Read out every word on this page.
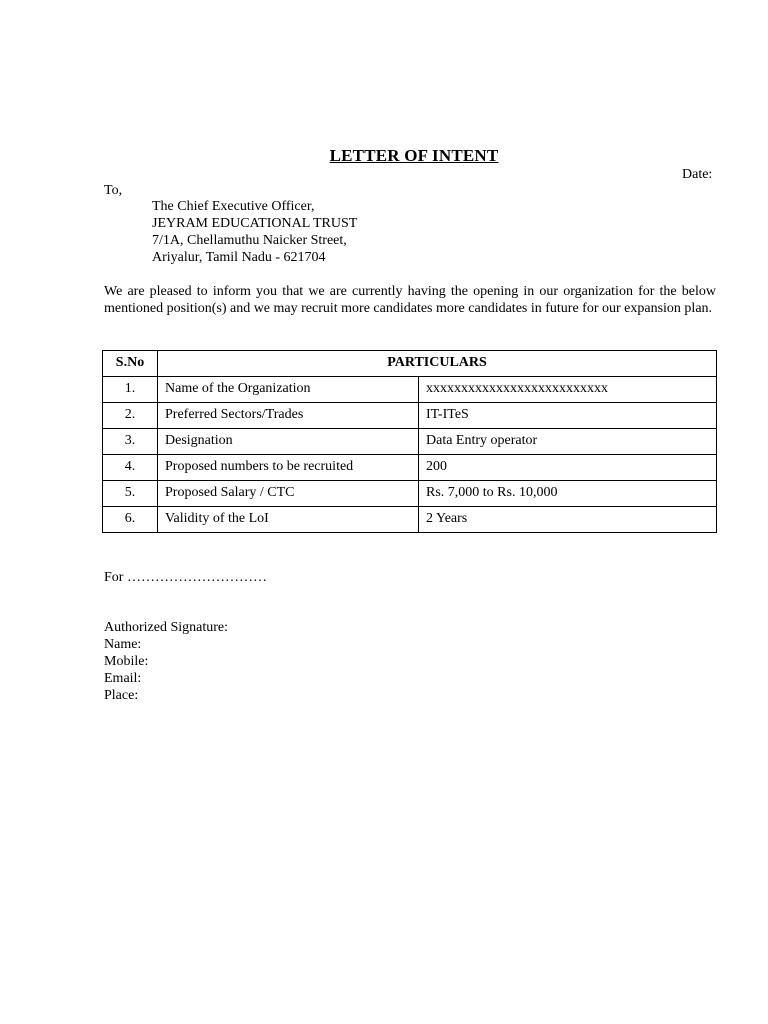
LETTER OF INTENT
Date:
To,
The Chief Executive Officer,
JEYRAM EDUCATIONAL TRUST
7/1A, Chellamuthu Naicker Street,
Ariyalur, Tamil Nadu - 621704
We are pleased to inform you that we are currently having the opening in our organization for the below mentioned position(s) and we may recruit more candidates more candidates in future for our expansion plan.
S.No	PARTICULARS	
1.	Name of the Organization	xxxxxxxxxxxxxxxxxxxxxxxxxx
2.	Preferred Sectors/Trades	IT-ITeS
3.	Designation	Data Entry operator
4.	Proposed numbers to be recruited	200
5.	Proposed Salary / CTC	Rs. 7,000 to Rs. 10,000
6.	Validity of the LoI	2 Years
For …………………………
Authorized Signature:
Name:
Mobile:
Email:
Place:
